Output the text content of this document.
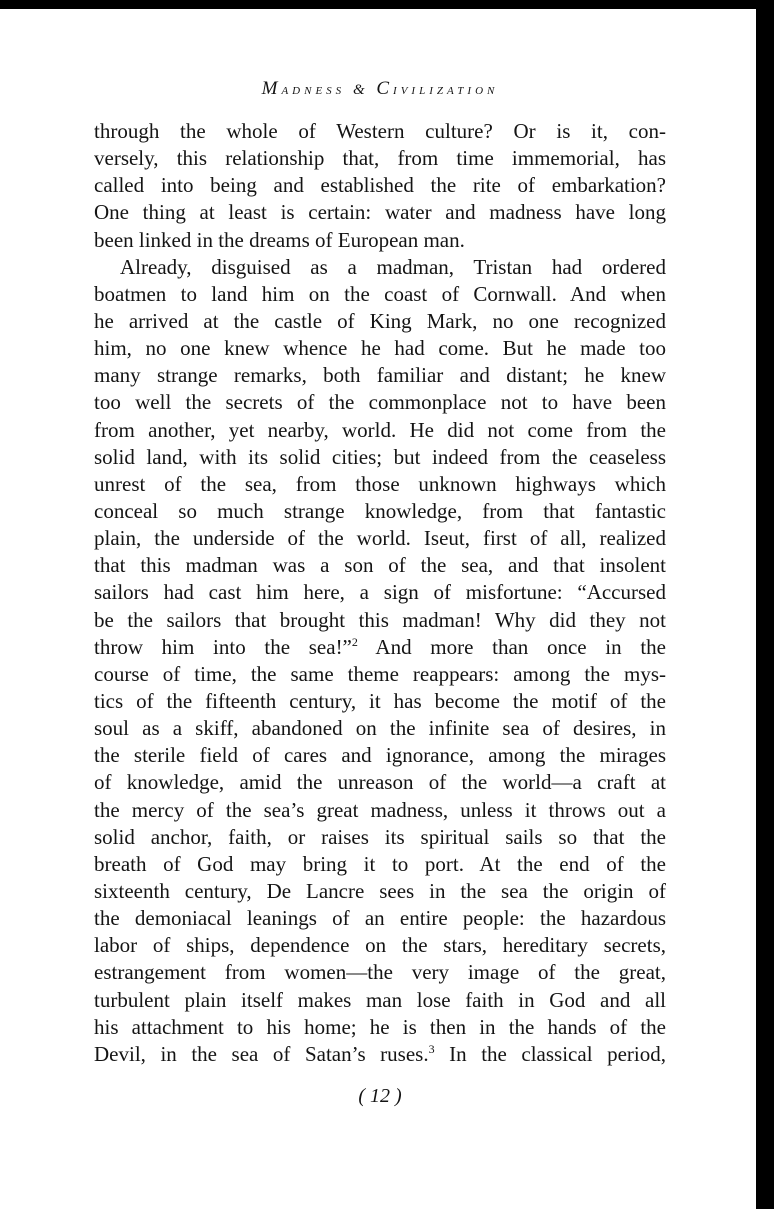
Madness & Civilization
through the whole of Western culture? Or is it, con-
versely, this relationship that, from time immemorial, has
called into being and established the rite of embarkation?
One thing at least is certain: water and madness have long
been linked in the dreams of European man.
Already, disguised as a madman, Tristan had ordered
boatmen to land him on the coast of Cornwall. And when
he arrived at the castle of King Mark, no one recognized
him, no one knew whence he had come. But he made too
many strange remarks, both familiar and distant; he knew
too well the secrets of the commonplace not to have been
from another, yet nearby, world. He did not come from the
solid land, with its solid cities; but indeed from the ceaseless
unrest of the sea, from those unknown highways which
conceal so much strange knowledge, from that fantastic
plain, the underside of the world. Iseut, first of all, realized
that this madman was a son of the sea, and that insolent
sailors had cast him here, a sign of misfortune: “Accursed
be the sailors that brought this madman! Why did they not
throw him into the sea!”$^2$ And more than once in the
course of time, the same theme reappears: among the mys-
tics of the fifteenth century, it has become the motif of the
soul as a skiff, abandoned on the infinite sea of desires, in
the sterile field of cares and ignorance, among the mirages
of knowledge, amid the unreason of the world—a craft at
the mercy of the sea’s great madness, unless it throws out a
solid anchor, faith, or raises its spiritual sails so that the
breath of God may bring it to port. At the end of the
sixteenth century, De Lancre sees in the sea the origin of
the demoniacal leanings of an entire people: the hazardous
labor of ships, dependence on the stars, hereditary secrets,
estrangement from women—the very image of the great,
turbulent plain itself makes man lose faith in God and all
his attachment to his home; he is then in the hands of the
Devil, in the sea of Satan’s ruses.$^3$ In the classical period,
( 12 )
